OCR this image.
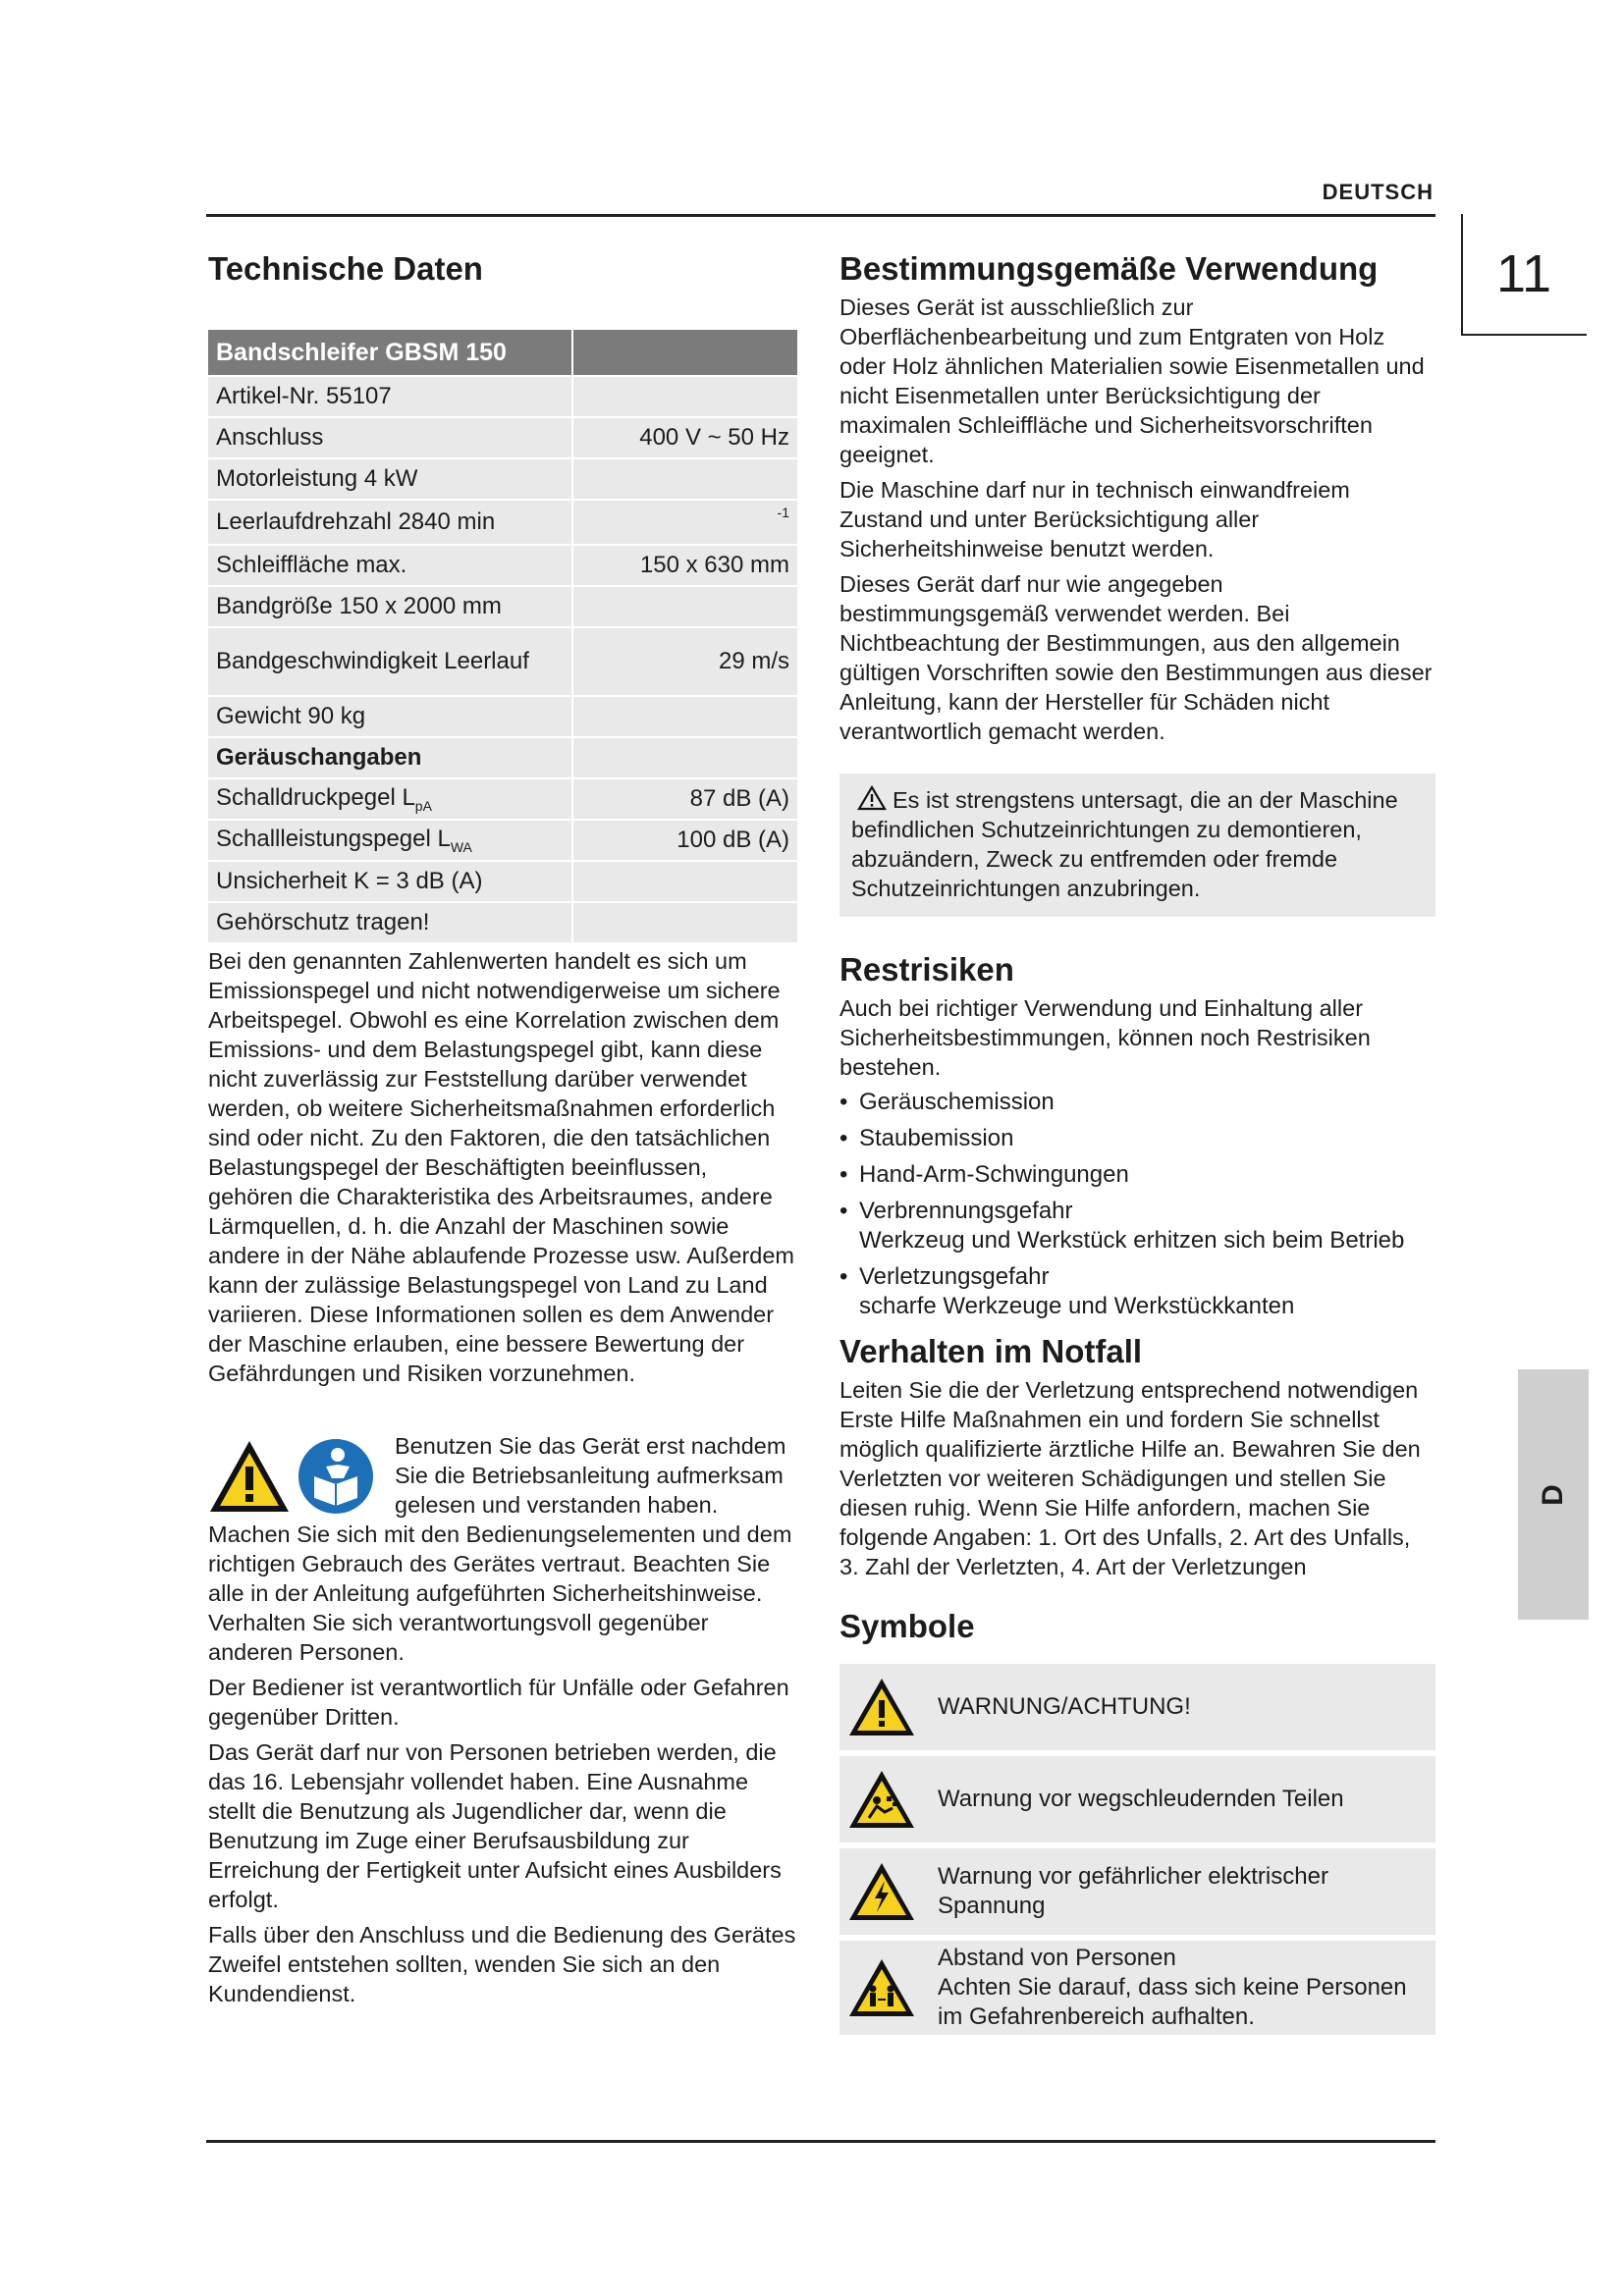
DEUTSCH
11
D
Technische Daten
Bandschleifer GBSM 150	
Artikel-Nr. 55107	
Anschluss	400 V ~ 50 Hz
Motorleistung 4 kW	
Leerlaufdrehzahl 2840 min	-1
Schleiffläche max.	150 x 630 mm
Bandgröße 150 x 2000 mm	
Bandgeschwindigkeit Leerlauf	29 m/s
Gewicht 90 kg	
Geräuschangaben	
Schalldruckpegel $L_{pA}$	87 dB (A)
Schallleistungspegel $L_{WA}$	100 dB (A)
Unsicherheit K = 3 dB (A)	
Gehörschutz tragen!	

Bei den genannten Zahlenwerten handelt es sich um Emissionspegel und nicht notwendigerweise um sichere Arbeitspegel. Obwohl es eine Korrelation zwischen dem Emissions- und dem Belastungspegel gibt, kann diese nicht zuverlässig zur Feststellung darüber verwendet werden, ob weitere Sicherheitsmaßnahmen erforderlich sind oder nicht. Zu den Faktoren, die den tatsächlichen Belastungspegel der Beschäftigten beeinflussen, gehören die Charakteristika des Arbeitsraumes, andere Lärmquellen, d. h. die Anzahl der Maschinen sowie andere in der Nähe ablaufende Prozesse usw. Außerdem kann der zulässige Belastungspegel von Land zu Land variieren. Diese Informationen sollen es dem Anwender der Maschine erlauben, eine bessere Bewertung der Gefährdungen und Risiken vorzunehmen.

Benutzen Sie das Gerät erst nachdem Sie die Betriebsanleitung aufmerksam gelesen und verstanden haben. Machen Sie sich mit den Bedienungselementen und dem richtigen Gebrauch des Gerätes vertraut. Beachten Sie alle in der Anleitung aufgeführten Sicherheitshinweise. Verhalten Sie sich verantwortungsvoll gegenüber anderen Personen.

Der Bediener ist verantwortlich für Unfälle oder Gefahren gegenüber Dritten.

Das Gerät darf nur von Personen betrieben werden, die das 16. Lebensjahr vollendet haben. Eine Ausnahme stellt die Benutzung als Jugendlicher dar, wenn die Benutzung im Zuge einer Berufsausbildung zur Erreichung der Fertigkeit unter Aufsicht eines Ausbilders erfolgt.

Falls über den Anschluss und die Bedienung des Gerätes Zweifel entstehen sollten, wenden Sie sich an den Kundendienst.

Bestimmungsgemäße Verwendung

Dieses Gerät ist ausschließlich zur Oberflächenbearbeitung und zum Entgraten von Holz oder Holz ähnlichen Materialien sowie Eisenmetallen und nicht Eisenmetallen unter Berücksichtigung der maximalen Schleiffläche und Sicherheitsvorschriften geeignet.

Die Maschine darf nur in technisch einwandfreiem Zustand und unter Berücksichtigung aller Sicherheitshinweise benutzt werden.

Dieses Gerät darf nur wie angegeben bestimmungsgemäß verwendet werden. Bei Nichtbeachtung der Bestimmungen, aus den allgemein gültigen Vorschriften sowie den Bestimmungen aus dieser Anleitung, kann der Hersteller für Schäden nicht verantwortlich gemacht werden.

Es ist strengstens untersagt, die an der Maschine befindlichen Schutzeinrichtungen zu demontieren, abzuändern, Zweck zu entfremden oder fremde Schutzeinrichtungen anzubringen.

Restrisiken

Auch bei richtiger Verwendung und Einhaltung aller Sicherheitsbestimmungen, können noch Restrisiken bestehen.

• Geräuschemission
• Staubemission
• Hand-Arm-Schwingungen
• Verbrennungsgefahr
Werkzeug und Werkstück erhitzen sich beim Betrieb
• Verletzungsgefahr
scharfe Werkzeuge und Werkstückkanten
Verhalten im Notfall

Leiten Sie die der Verletzung entsprechend notwendigen Erste Hilfe Maßnahmen ein und fordern Sie schnellst möglich qualifizierte ärztliche Hilfe an. Bewahren Sie den Verletzten vor weiteren Schädigungen und stellen Sie diesen ruhig. Wenn Sie Hilfe anfordern, machen Sie folgende Angaben: 1. Ort des Unfalls, 2. Art des Unfalls, 3. Zahl der Verletzten, 4. Art der Verletzungen

Symbole
WARNUNG/ACHTUNG!
Warnung vor wegschleudernden Teilen
Warnung vor gefährlicher elektrischer
Spannung
Abstand von Personen
Achten Sie darauf, dass sich keine Personen im Gefahrenbereich aufhalten.
